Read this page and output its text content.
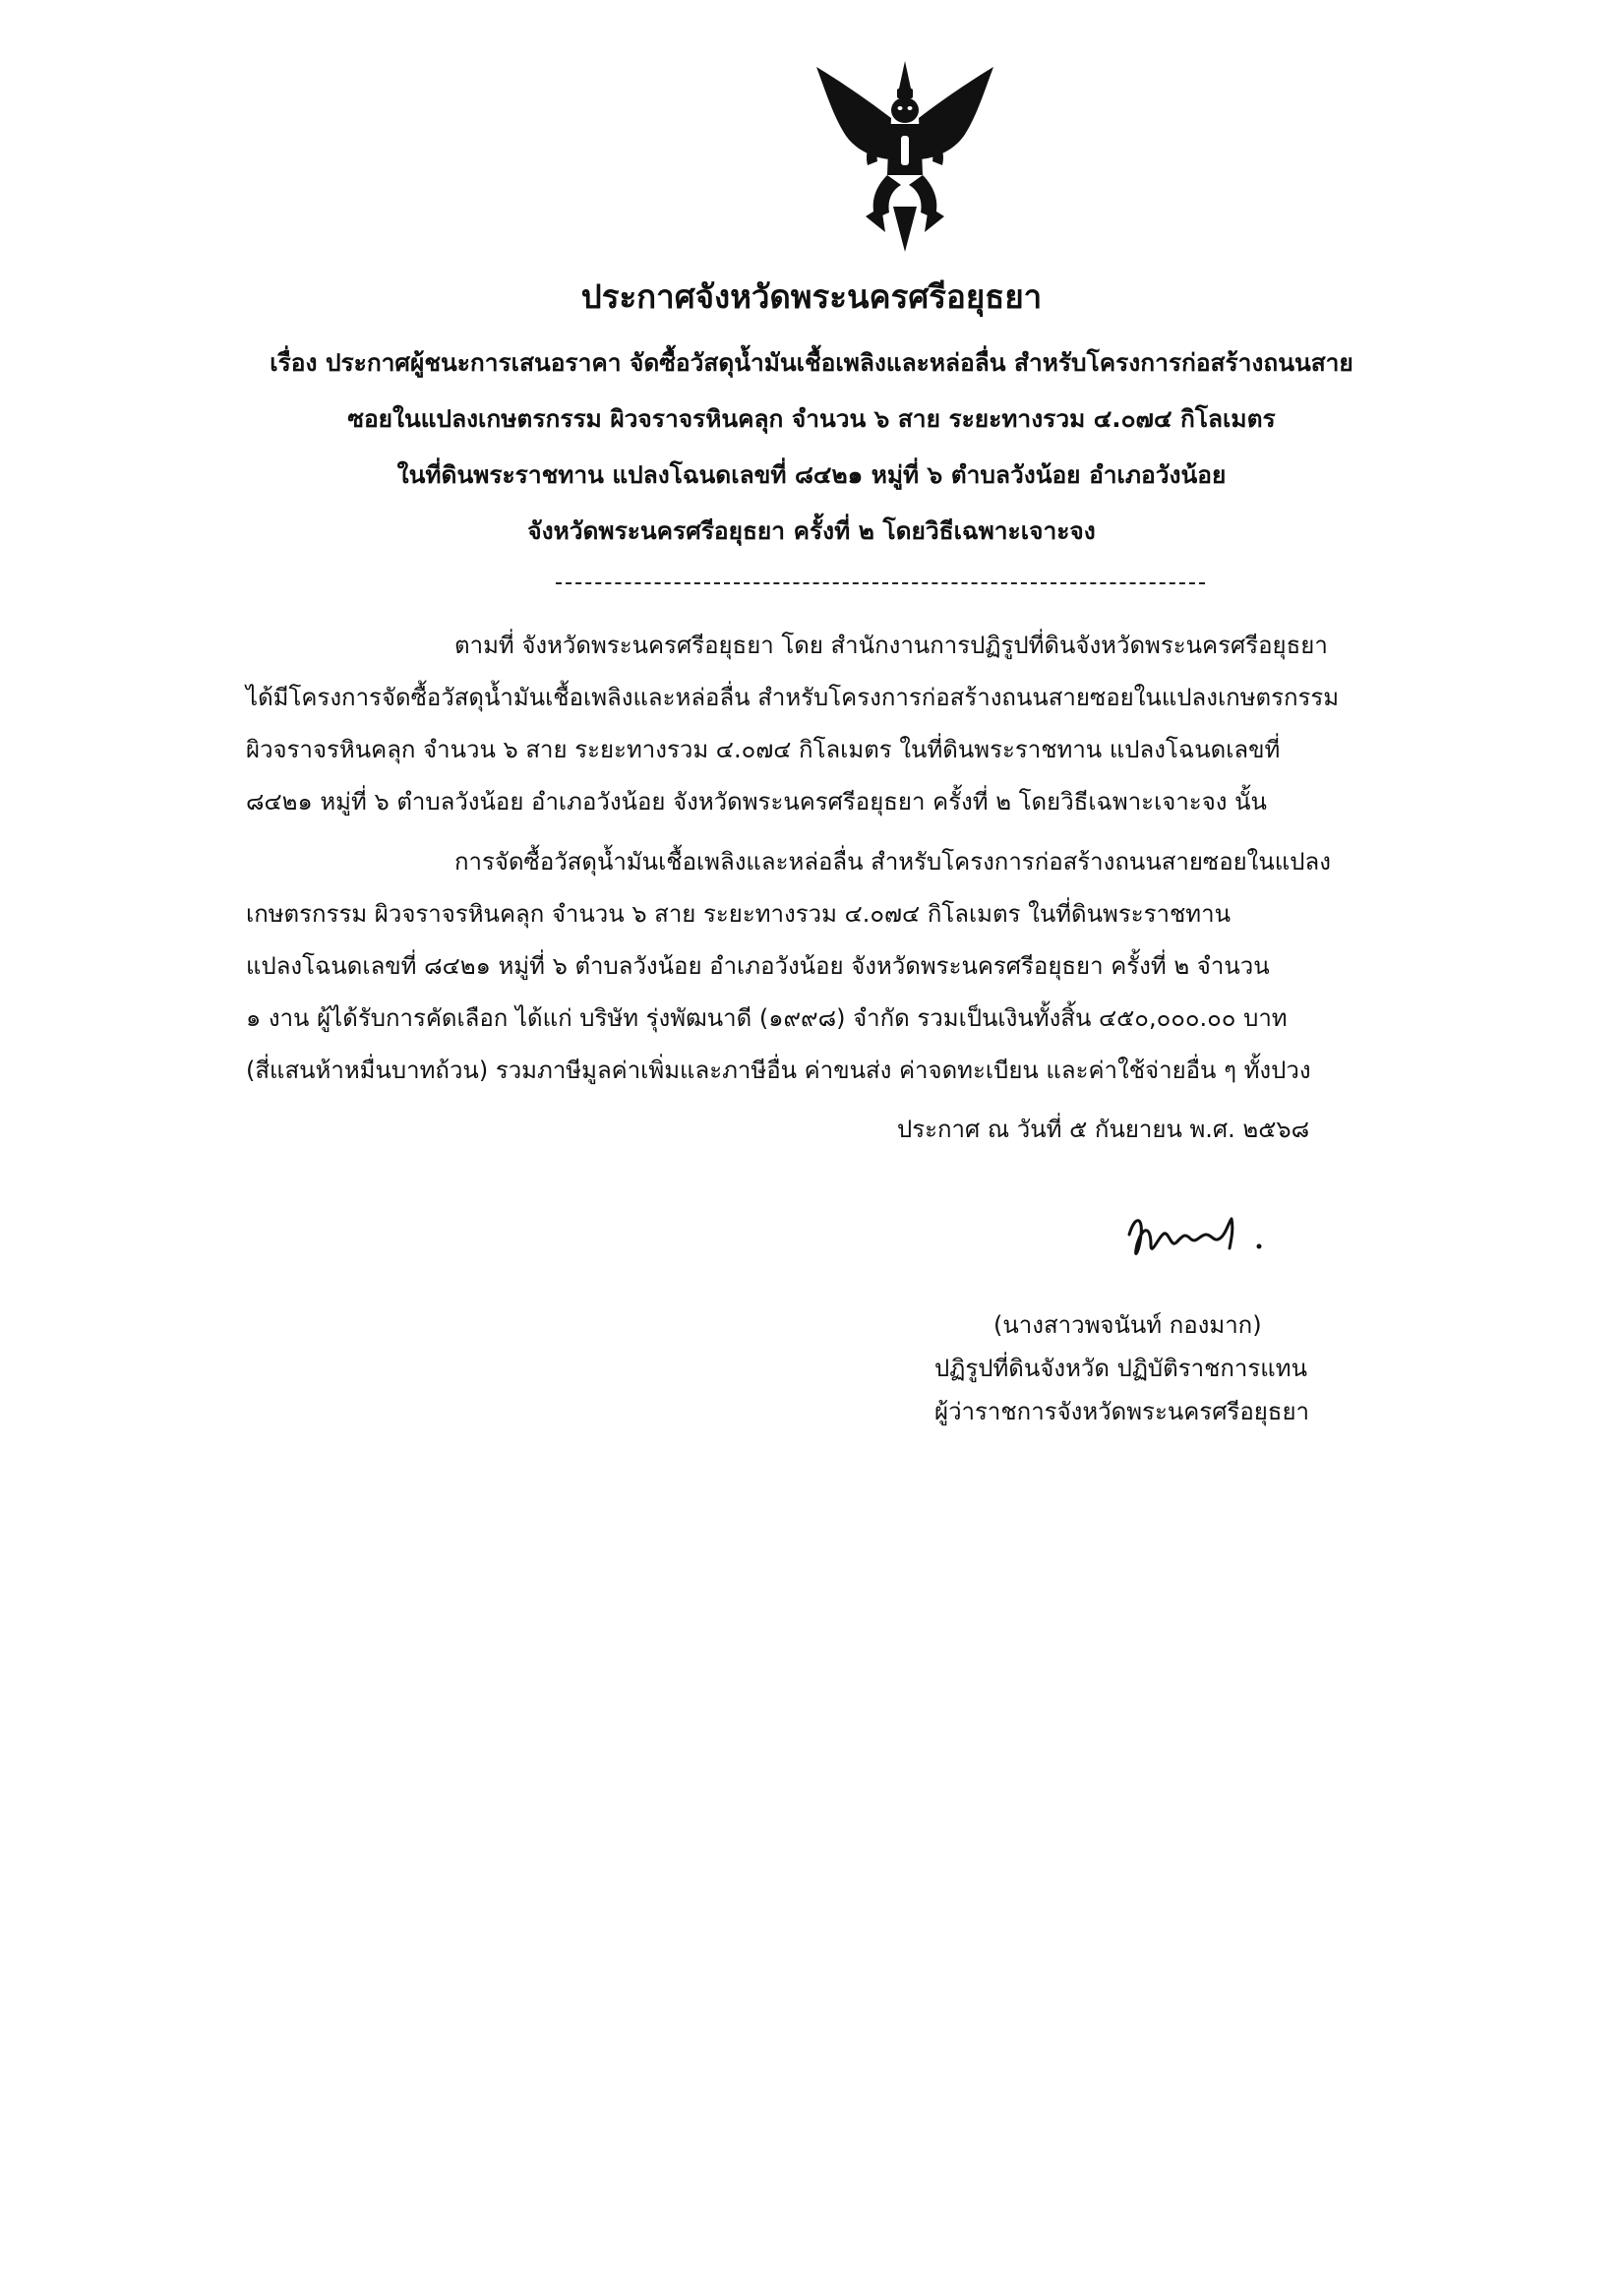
ประกาศจังหวัดพระนครศรีอยุธยา
เรื่อง ประกาศผู้ชนะการเสนอราคา จัดซื้อวัสดุน้ำมันเชื้อเพลิงและหล่อลื่น สำหรับโครงการก่อสร้างถนนสาย
ซอยในแปลงเกษตรกรรม ผิวจราจรหินคลุก จำนวน ๖ สาย ระยะทางรวม ๔.๐๗๔ กิโลเมตร
ในที่ดินพระราชทาน แปลงโฉนดเลขที่ ๘๔๒๑ หมู่ที่ ๖ ตำบลวังน้อย อำเภอวังน้อย
จังหวัดพระนครศรีอยุธยา ครั้งที่ ๒ โดยวิธีเฉพาะเจาะจง
ตามที่ จังหวัดพระนครศรีอยุธยา โดย สำนักงานการปฏิรูปที่ดินจังหวัดพระนครศรีอยุธยา
ได้มีโครงการจัดซื้อวัสดุน้ำมันเชื้อเพลิงและหล่อลื่น สำหรับโครงการก่อสร้างถนนสายซอยในแปลงเกษตรกรรม
ผิวจราจรหินคลุก จำนวน ๖ สาย ระยะทางรวม ๔.๐๗๔ กิโลเมตร ในที่ดินพระราชทาน แปลงโฉนดเลขที่
๘๔๒๑ หมู่ที่ ๖ ตำบลวังน้อย อำเภอวังน้อย จังหวัดพระนครศรีอยุธยา ครั้งที่ ๒ โดยวิธีเฉพาะเจาะจง นั้น
การจัดซื้อวัสดุน้ำมันเชื้อเพลิงและหล่อลื่น สำหรับโครงการก่อสร้างถนนสายซอยในแปลง
เกษตรกรรม ผิวจราจรหินคลุก จำนวน ๖ สาย ระยะทางรวม ๔.๐๗๔ กิโลเมตร ในที่ดินพระราชทาน
แปลงโฉนดเลขที่ ๘๔๒๑ หมู่ที่ ๖ ตำบลวังน้อย อำเภอวังน้อย จังหวัดพระนครศรีอยุธยา ครั้งที่ ๒ จำนวน
๑ งาน ผู้ได้รับการคัดเลือก ได้แก่ บริษัท รุ่งพัฒนาดี (๑๙๙๘) จำกัด รวมเป็นเงินทั้งสิ้น ๔๕๐,๐๐๐.๐๐ บาท
(สี่แสนห้าหมื่นบาทถ้วน) รวมภาษีมูลค่าเพิ่มและภาษีอื่น ค่าขนส่ง ค่าจดทะเบียน และค่าใช้จ่ายอื่น ๆ ทั้งปวง
ประกาศ ณ วันที่ ๕ กันยายน พ.ศ. ๒๕๖๘
(นางสาวพจนันท์ กองมาก)
ปฏิรูปที่ดินจังหวัด ปฏิบัติราชการแทน
ผู้ว่าราชการจังหวัดพระนครศรีอยุธยา
